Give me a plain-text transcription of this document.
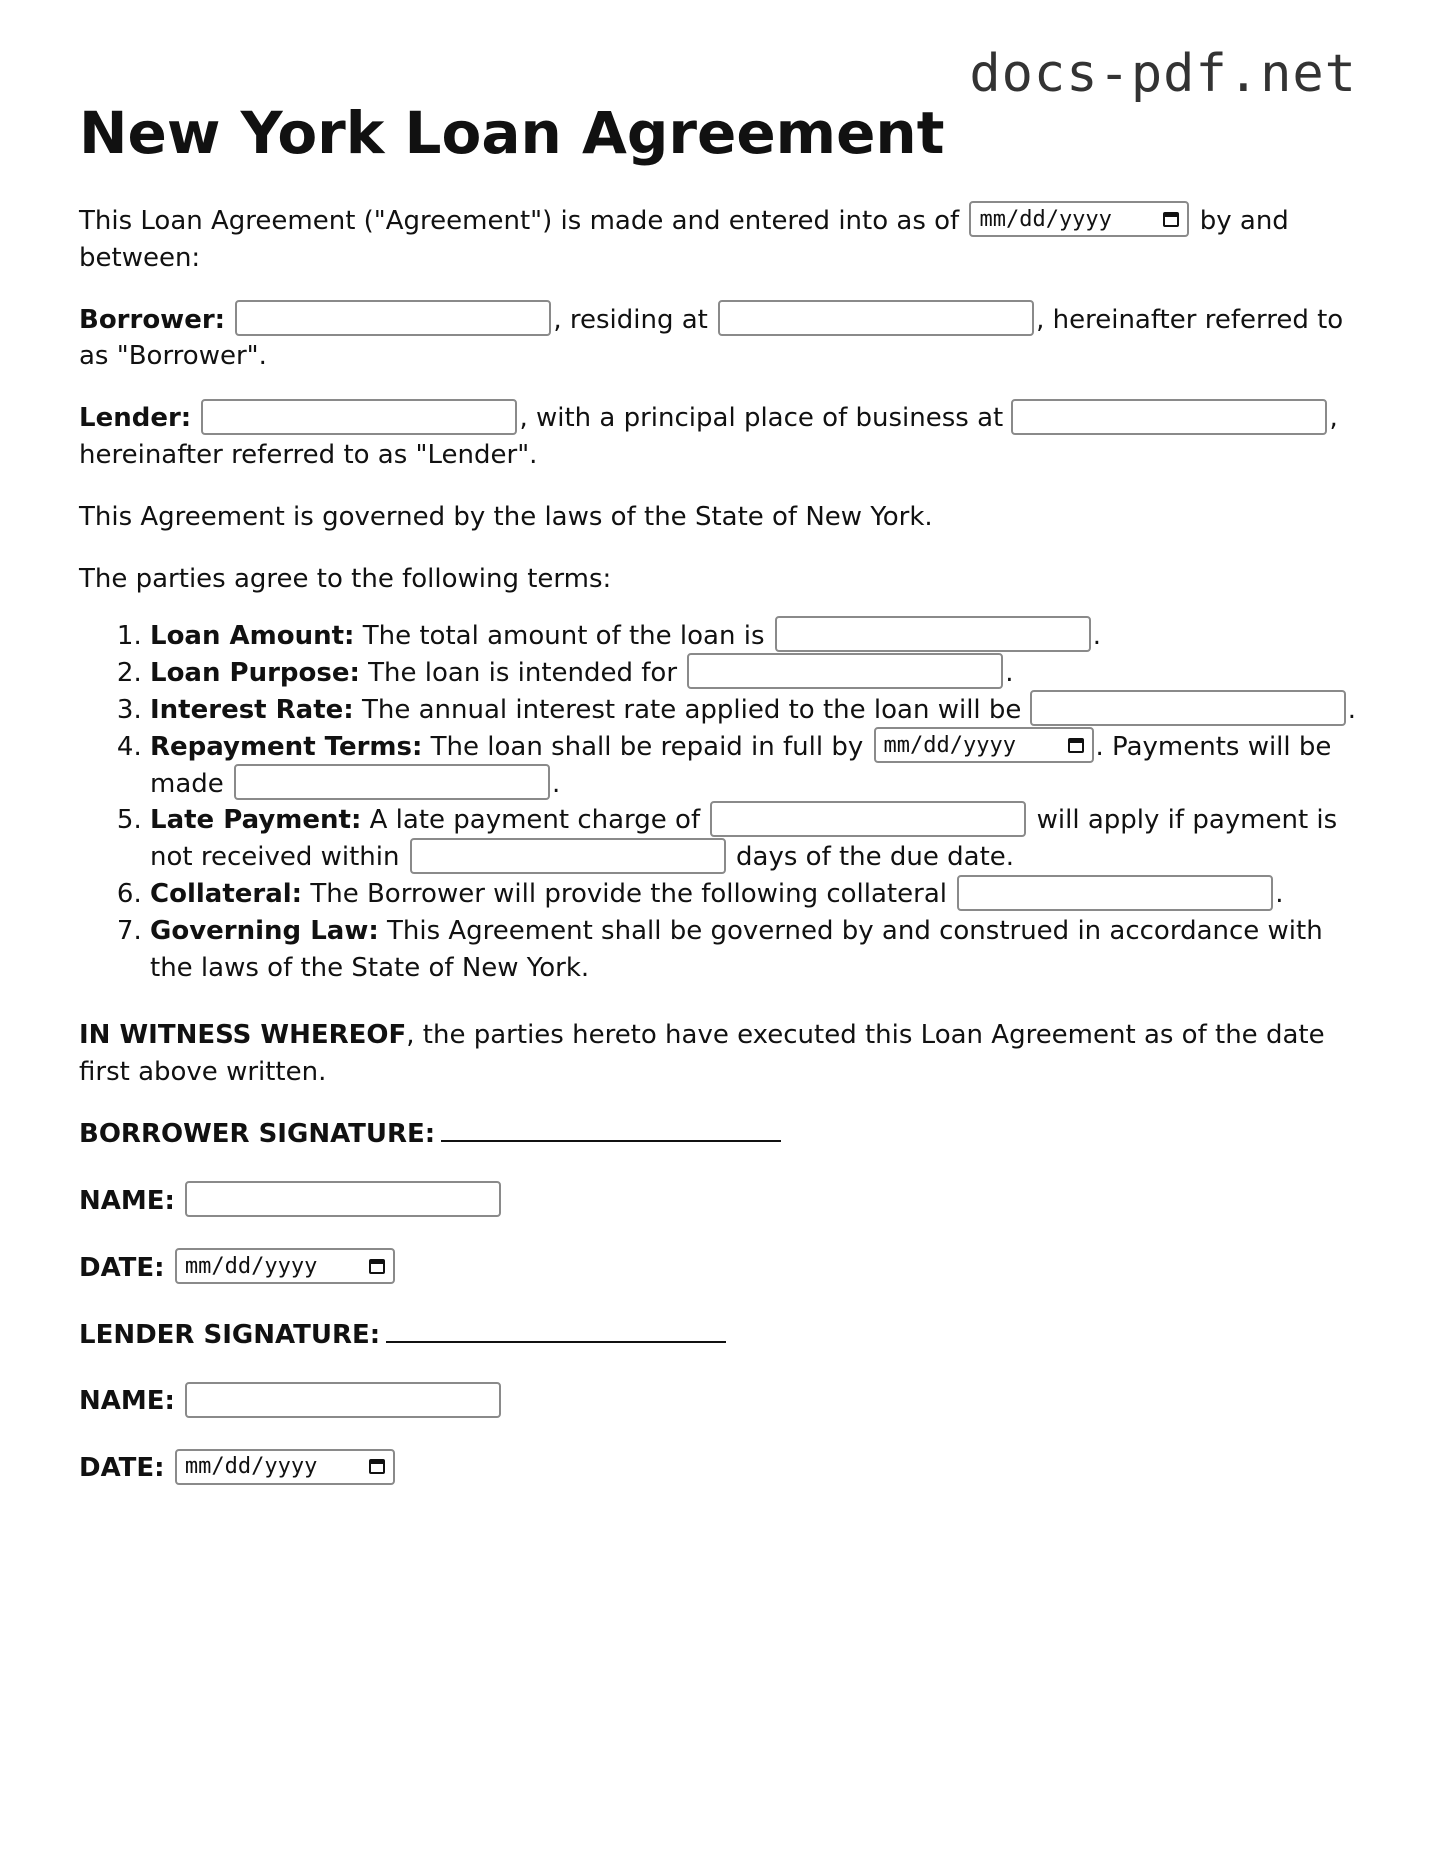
docs-pdf.net
New York Loan Agreement

This Loan Agreement ("Agreement") is made and entered into as of mm/dd/yyyy	by and between:

Borrower:	, residing at	, hereinafter referred to as "Borrower".

Lender:	, with a principal place of business at	, hereinafter referred to as "Lender".

This Agreement is governed by the laws of the State of New York.

The parties agree to the following terms:

1. Loan Amount: The total amount of the loan is	.
2. Loan Purpose: The loan is intended for	.
3. Interest Rate: The annual interest rate applied to the loan will be	.
4. Repayment Terms: The loan shall be repaid in full by mm/dd/yyyy	. Payments will be made	.
5. Late Payment: A late payment charge of	will apply if payment is not received within	days of the due date.
6. Collateral: The Borrower will provide the following collateral	.
7. Governing Law: This Agreement shall be governed by and construed in accordance with the laws of the State of New York.

IN WITNESS WHEREOF, the parties hereto have executed this Loan Agreement as of the date first above written.

BORROWER SIGNATURE:

NAME:

DATE: mm/dd/yyyy

LENDER SIGNATURE:

NAME:

DATE: mm/dd/yyyy
